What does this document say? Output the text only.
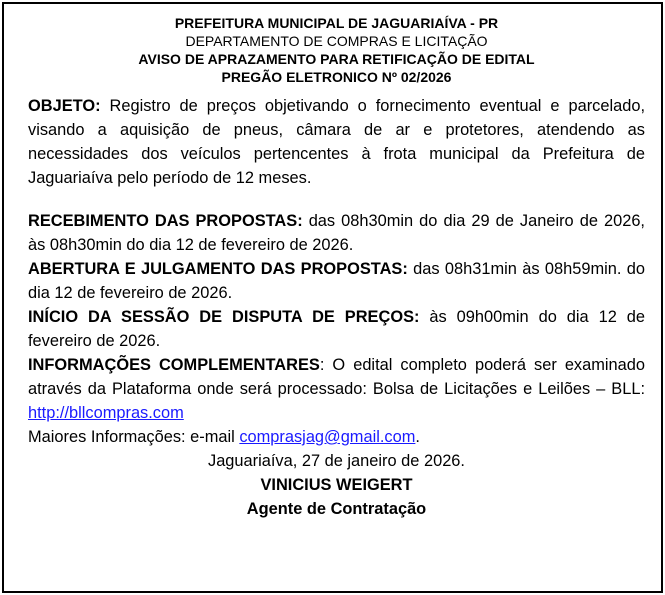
PREFEITURA MUNICIPAL DE JAGUARIAÍVA - PR
DEPARTAMENTO DE COMPRAS E LICITAÇÃO
AVISO DE APRAZAMENTO PARA RETIFICAÇÃO DE EDITAL
PREGÃO ELETRONICO Nº 02/2026

OBJETO: Registro de preços objetivando o fornecimento eventual e parcelado, visando a aquisição de pneus, câmara de ar e protetores, atendendo as necessidades dos veículos pertencentes à frota municipal da Prefeitura de Jaguariaíva pelo período de 12 meses.

RECEBIMENTO DAS PROPOSTAS: das 08h30min do dia 29 de Janeiro de 2026, às 08h30min do dia 12 de fevereiro de 2026.

ABERTURA E JULGAMENTO DAS PROPOSTAS: das 08h31min às 08h59min. do dia 12 de fevereiro de 2026.

INÍCIO DA SESSÃO DE DISPUTA DE PREÇOS: às 09h00min do dia 12 de fevereiro de 2026.

INFORMAÇÕES COMPLEMENTARES: O edital completo poderá ser examinado através da Plataforma onde será processado: Bolsa de Licitações e Leilões – BLL: http://bllcompras.com

Maiores Informações: e-mail comprasjag@gmail.com.

Jaguariaíva, 27 de janeiro de 2026.

VINICIUS WEIGERT

Agente de Contratação
